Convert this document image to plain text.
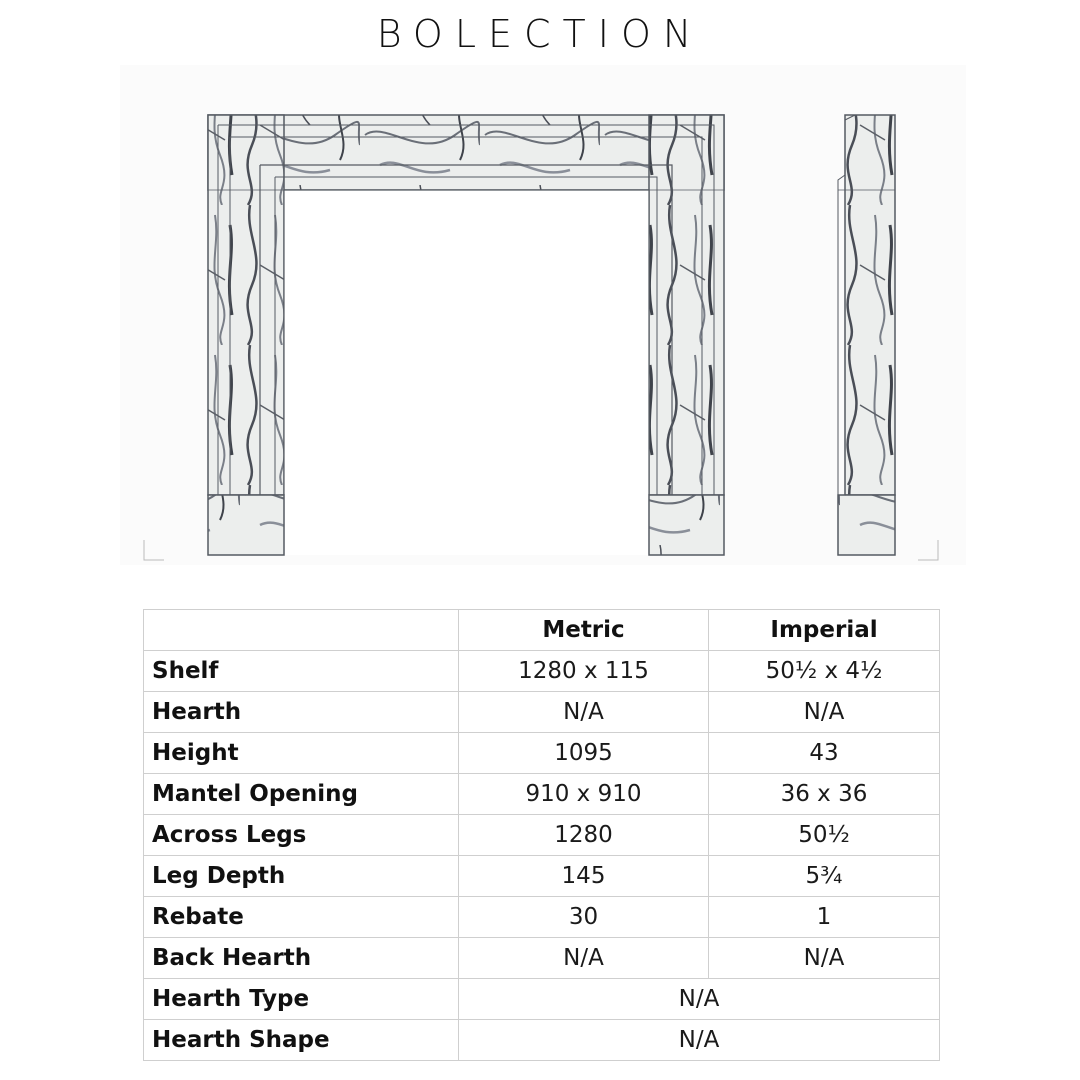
BOLECTION
	Metric	Imperial
Shelf	1280 x 115	50½ x 4½
Hearth	N/A	N/A
Height	1095	43
Mantel Opening	910 x 910	36 x 36
Across Legs	1280	50½
Leg Depth	145	5¾
Rebate	30	1
Back Hearth	N/A	N/A
Hearth Type	N/A	
Hearth Shape	N/A	
